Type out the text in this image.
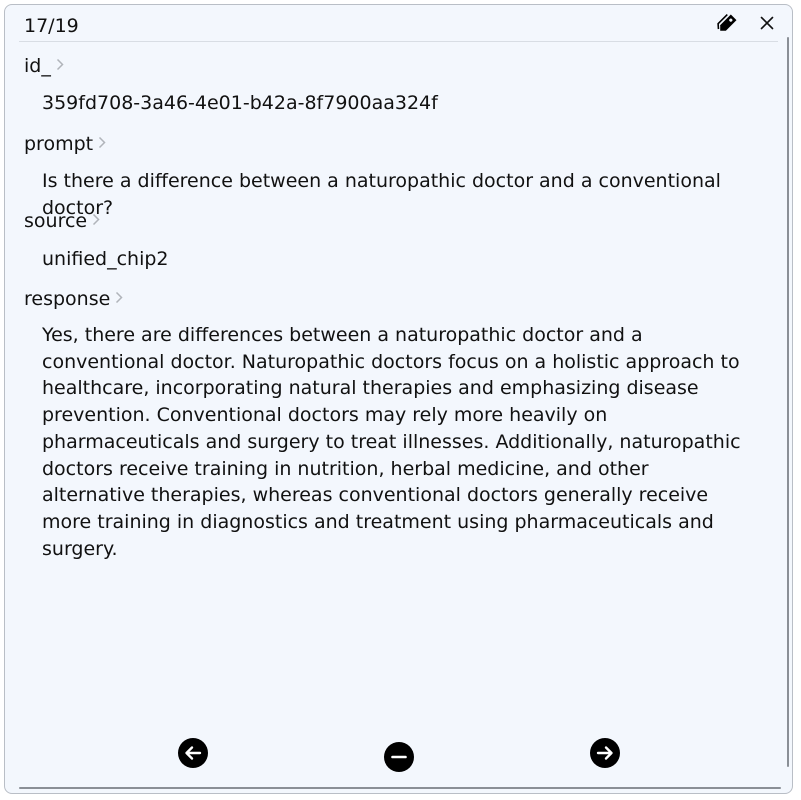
17/19
id_
359fd708-3a46-4e01-b42a-8f7900aa324f
prompt
Is there a difference between a naturopathic doctor and a conventional doctor?
source
unified_chip2
response
Yes, there are differences between a naturopathic doctor and a conventional doctor. Naturopathic doctors focus on a holistic approach to healthcare, incorporating natural therapies and emphasizing disease prevention. Conventional doctors may rely more heavily on pharmaceuticals and surgery to treat illnesses. Additionally, naturopathic doctors receive training in nutrition, herbal medicine, and other alternative therapies, whereas conventional doctors generally receive more training in diagnostics and treatment using pharmaceuticals and surgery.
